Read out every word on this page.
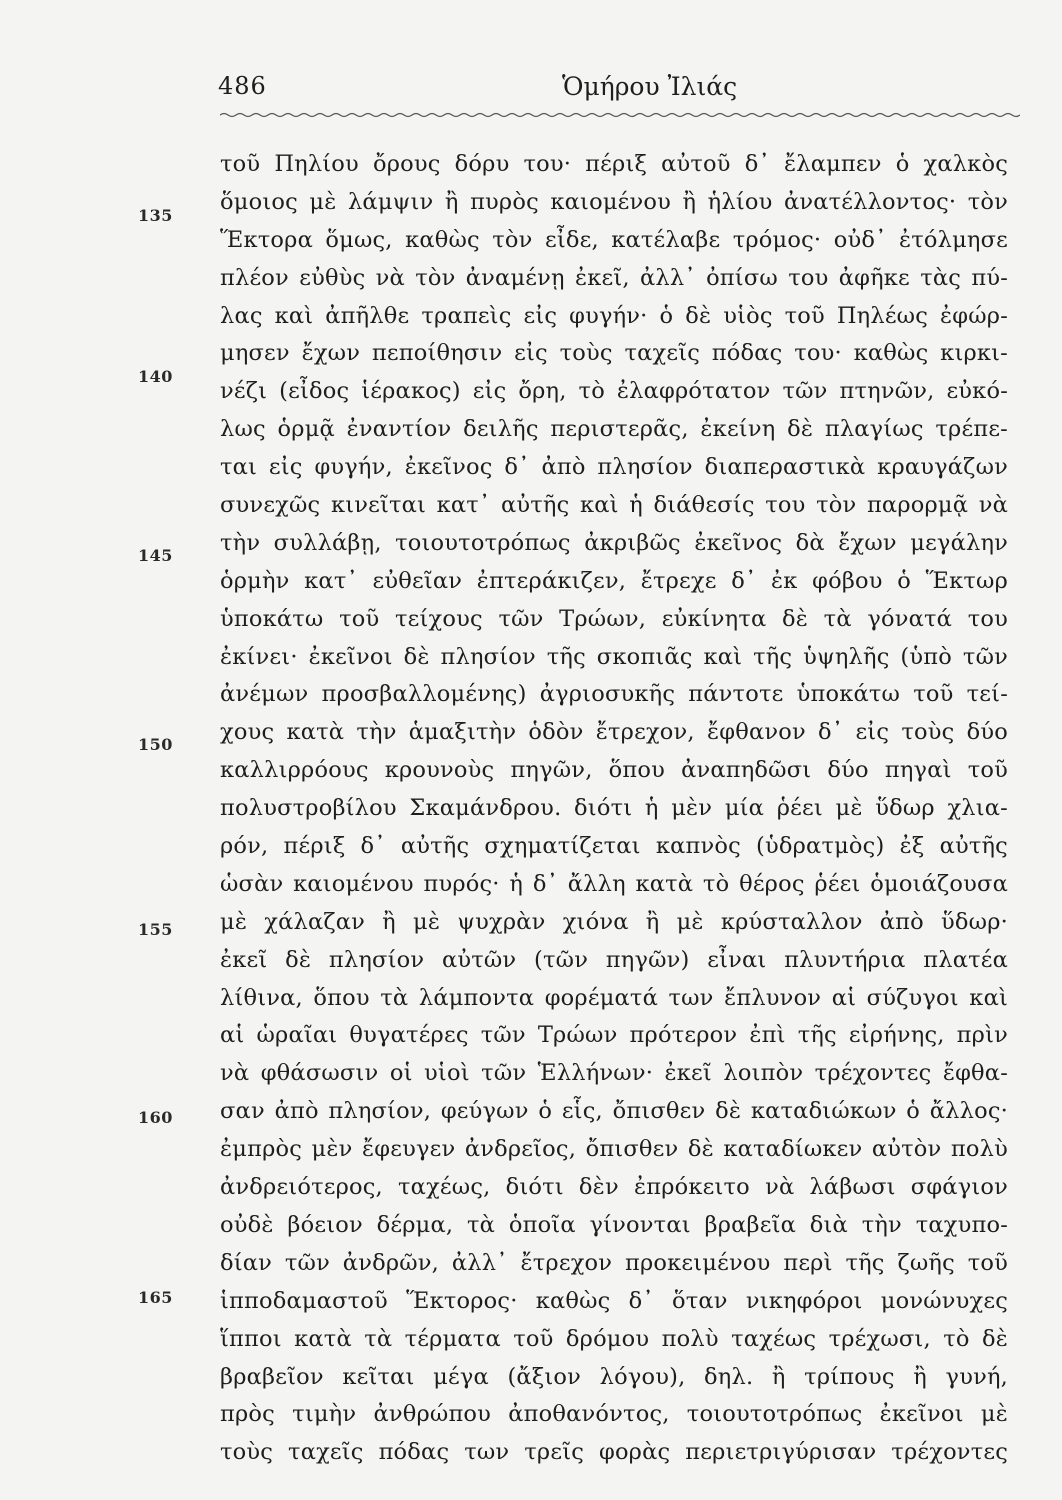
486	Ὁμήρου Ἰλιάς
135
140
145
150
155
160
165
τοῦ Πηλίου ὄρους δόρυ του· πέριξ αὐτοῦ δ᾿ ἔλαμπεν ὁ χαλκὸς
ὅμοιος μὲ λάμψιν ἢ πυρὸς καιομένου ἢ ἡλίου ἀνατέλλοντος· τὸν
Ἕκτορα ὅμως, καθὼς τὸν εἶδε, κατέλαβε τρόμος· οὐδ᾿ ἐτόλμησε
πλέον εὐθὺς νὰ τὸν ἀναμένῃ ἐκεῖ, ἀλλ᾿ ὀπίσω του ἀφῆκε τὰς πύ-
λας καὶ ἀπῆλθε τραπεὶς εἰς φυγήν· ὁ δὲ υἱὸς τοῦ Πηλέως ἐφώρ-
μησεν ἔχων πεποίθησιν εἰς τοὺς ταχεῖς πόδας του· καθὼς κιρκι-
νέζι (εἶδος ἱέρακος) εἰς ὄρη, τὸ ἐλαφρότατον τῶν πτηνῶν, εὐκό-
λως ὁρμᾷ ἐναντίον δειλῆς περιστερᾶς, ἐκείνη δὲ πλαγίως τρέπε-
ται εἰς φυγήν, ἐκεῖνος δ᾿ ἀπὸ πλησίον διαπεραστικὰ κραυγάζων
συνεχῶς κινεῖται κατ᾿ αὐτῆς καὶ ἡ διάθεσίς του τὸν παρορμᾷ νὰ
τὴν συλλάβῃ, τοιουτοτρόπως ἀκριβῶς ἐκεῖνος δὰ ἔχων μεγάλην
ὁρμὴν κατ᾿ εὐθεῖαν ἐπτεράκιζεν, ἔτρεχε δ᾿ ἐκ φόβου ὁ Ἕκτωρ
ὑποκάτω τοῦ τείχους τῶν Τρώων, εὐκίνητα δὲ τὰ γόνατά του
ἐκίνει· ἐκεῖνοι δὲ πλησίον τῆς σκοπιᾶς καὶ τῆς ὑψηλῆς (ὑπὸ τῶν
ἀνέμων προσβαλλομένης) ἀγριοσυκῆς πάντοτε ὑποκάτω τοῦ τεί-
χους κατὰ τὴν ἁμαξιτὴν ὁδὸν ἔτρεχον, ἔφθανον δ᾿ εἰς τοὺς δύο
καλλιρρόους κρουνοὺς πηγῶν, ὅπου ἀναπηδῶσι δύο πηγαὶ τοῦ
πολυστροβίλου Σκαμάνδρου. διότι ἡ μὲν μία ῥέει μὲ ὕδωρ χλια-
ρόν, πέριξ δ᾿ αὐτῆς σχηματίζεται καπνὸς (ὑδρατμὸς) ἐξ αὐτῆς
ὡσὰν καιομένου πυρός· ἡ δ᾿ ἄλλη κατὰ τὸ θέρος ῥέει ὁμοιάζουσα
μὲ χάλαζαν ἢ μὲ ψυχρὰν χιόνα ἢ μὲ κρύσταλλον ἀπὸ ὕδωρ·
ἐκεῖ δὲ πλησίον αὐτῶν (τῶν πηγῶν) εἶναι πλυντήρια πλατέα
λίθινα, ὅπου τὰ λάμποντα φορέματά των ἔπλυνον αἱ σύζυγοι καὶ
αἱ ὡραῖαι θυγατέρες τῶν Τρώων πρότερον ἐπὶ τῆς εἰρήνης, πρὶν
νὰ φθάσωσιν οἱ υἱοὶ τῶν Ἑλλήνων· ἐκεῖ λοιπὸν τρέχοντες ἔφθα-
σαν ἀπὸ πλησίον, φεύγων ὁ εἷς, ὄπισθεν δὲ καταδιώκων ὁ ἄλλος·
ἐμπρὸς μὲν ἔφευγεν ἀνδρεῖος, ὄπισθεν δὲ καταδίωκεν αὐτὸν πολὺ
ἀνδρειότερος, ταχέως, διότι δὲν ἐπρόκειτο νὰ λάβωσι σφάγιον
οὐδὲ βόειον δέρμα, τὰ ὁποῖα γίνονται βραβεῖα διὰ τὴν ταχυπο-
δίαν τῶν ἀνδρῶν, ἀλλ᾿ ἔτρεχον προκειμένου περὶ τῆς ζωῆς τοῦ
ἱπποδαμαστοῦ Ἕκτορος· καθὼς δ᾿ ὅταν νικηφόροι μονώνυχες
ἵπποι κατὰ τὰ τέρματα τοῦ δρόμου πολὺ ταχέως τρέχωσι, τὸ δὲ
βραβεῖον κεῖται μέγα (ἄξιον λόγου), δηλ. ἢ τρίπους ἢ γυνή,
πρὸς τιμὴν ἀνθρώπου ἀποθανόντος, τοιουτοτρόπως ἐκεῖνοι μὲ
τοὺς ταχεῖς πόδας των τρεῖς φορὰς περιετριγύρισαν τρέχοντες
